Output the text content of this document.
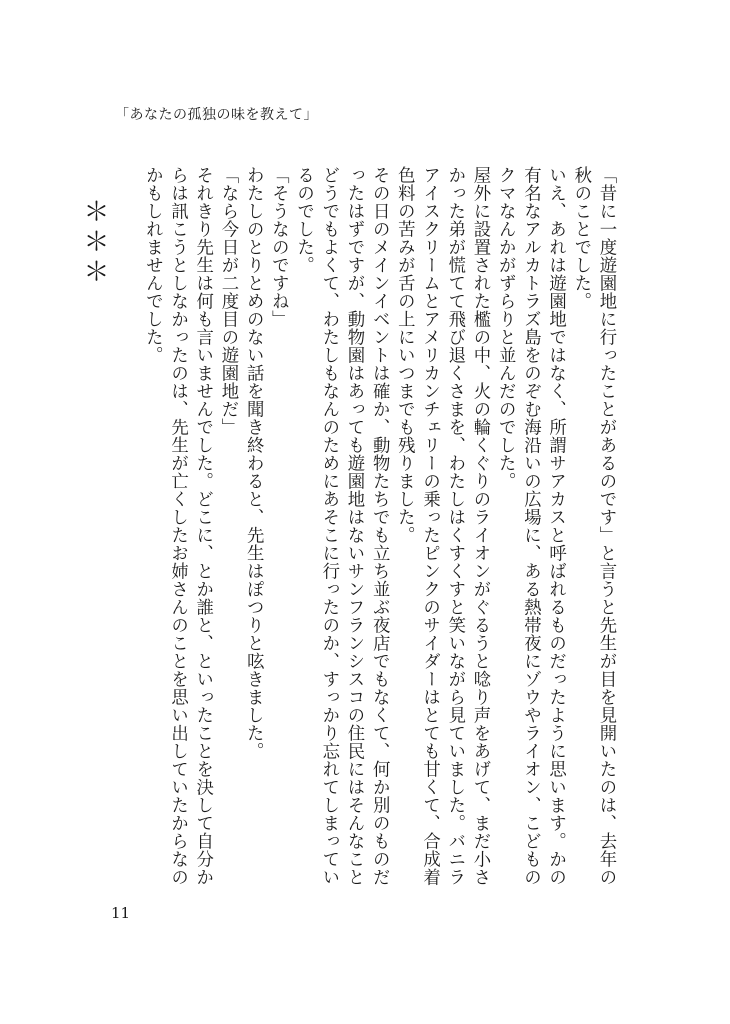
「あなたの孤独の味を教えて」

「昔に一度遊園地に行ったことがあるのです」と言うと先生が目を見開いたのは、去年の秋のことでした。

いえ、あれは遊園地ではなく、所謂サアカスと呼ばれるものだったように思います。かの有名なアルカトラズ島をのぞむ海沿いの広場に、ある熱帯夜にゾウやライオン、こどものクマなんかがずらりと並んだのでした。

屋外に設置された檻の中、火の輪くぐりのライオンがぐるうと唸り声をあげて、まだ小さかった弟が慌てて飛び退くさまを、わたしはくすくすと笑いながら見ていました。バニラアイスクリームとアメリカンチェリーの乗ったピンクのサイダーはとても甘くて、合成着色料の苦みが舌の上にいつまでも残りました。

その日のメインイベントは確か、動物たちでも立ち並ぶ夜店でもなくて、何か別のものだったはずですが、動物園はあっても遊園地はないサンフランシスコの住民にはそんなことどうでもよくて、わたしもなんのためにあそこに行ったのか、すっかり忘れてしまっているのでした。

「そうなのですね」

わたしのとりとめのない話を聞き終わると、先生はぽつりと呟きました。

「なら今日が二度目の遊園地だ」

それきり先生は何も言いませんでした。どこに、とか誰と、といったことを決して自分からは訊こうとしなかったのは、先生が亡くしたお姉さんのことを思い出していたからなのかもしれませんでした。

＊＊＊
11
